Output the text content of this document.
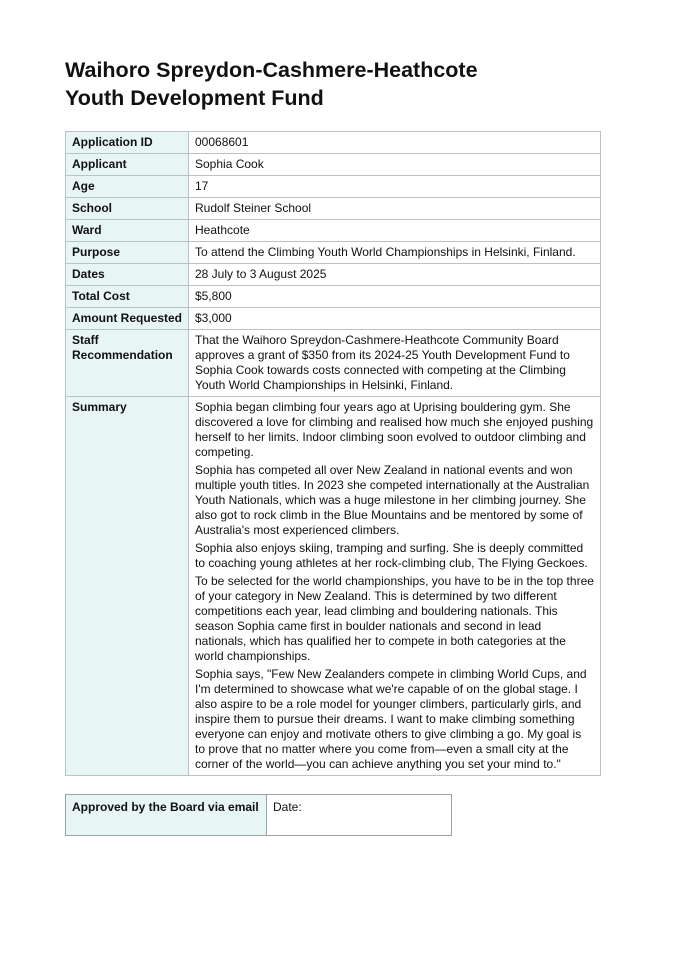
Waihoro Spreydon-Cashmere-Heathcote
Youth Development Fund
Application ID	00068601
Applicant	Sophia Cook
Age	17
School	Rudolf Steiner School
Ward	Heathcote
Purpose	To attend the Climbing Youth World Championships in Helsinki, Finland.
Dates	28 July to 3 August 2025
Total Cost	$5,800
Amount Requested	$3,000
Staff Recommendation	That the Waihoro Spreydon-Cashmere-Heathcote Community Board approves a grant of $350 from its 2024-25 Youth Development Fund to Sophia Cook towards costs connected with competing at the Climbing Youth World Championships in Helsinki, Finland.
Summary	Sophia began climbing four years ago at Uprising bouldering gym. She discovered a love for climbing and realised how much she enjoyed pushing herself to her limits. Indoor climbing soon evolved to outdoor climbing and competing.

Sophia has competed all over New Zealand in national events and won multiple youth titles. In 2023 she competed internationally at the Australian Youth Nationals, which was a huge milestone in her climbing journey. She also got to rock climb in the Blue Mountains and be mentored by some of Australia's most experienced climbers.

Sophia also enjoys skiing, tramping and surfing. She is deeply committed to coaching young athletes at her rock-climbing club, The Flying Geckoes.

To be selected for the world championships, you have to be in the top three of your category in New Zealand. This is determined by two different competitions each year, lead climbing and bouldering nationals. This season Sophia came first in boulder nationals and second in lead nationals, which has qualified her to compete in both categories at the world championships.

Sophia says, "Few New Zealanders compete in climbing World Cups, and I'm determined to showcase what we're capable of on the global stage. I also aspire to be a role model for younger climbers, particularly girls, and inspire them to pursue their dreams. I want to make climbing something everyone can enjoy and motivate others to give climbing a go. My goal is to prove that no matter where you come from—even a small city at the corner of the world—you can achieve anything you set your mind to."

Approved by the Board via email	Date:
